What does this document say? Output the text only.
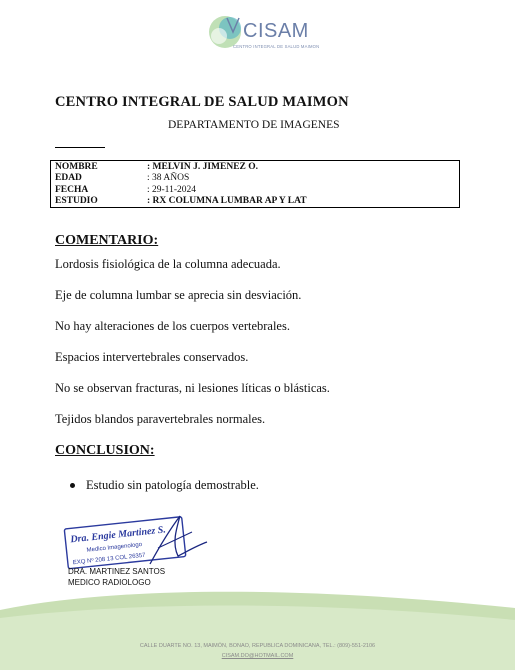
CISAM
CENTRO INTEGRAL DE SALUD MAIMON
CENTRO INTEGRAL DE SALUD MAIMON
DEPARTAMENTO DE IMAGENES
NOMBRE	: MELVIN J. JIMENEZ O.
EDAD	: 38 AÑOS
FECHA	: 29-11-2024
ESTUDIO	: RX COLUMNA LUMBAR AP Y LAT
COMENTARIO:
Lordosis fisiológica de la columna adecuada.
Eje de columna lumbar se aprecia sin desviación.
No hay alteraciones de los cuerpos vertebrales.
Espacios intervertebrales conservados.
No se observan fracturas, ni lesiones líticas o blásticas.
Tejidos blandos paravertebrales normales.
CONCLUSION:
Estudio sin patología demostrable.
Dra. Engie Martinez S.
Medico Imagenologo
EXQ Nº 208 13 COL 26357
DRA. MARTINEZ SANTOS
MEDICO RADIOLOGO
CALLE DUARTE NO. 13, MAIMÓN, BONAO, REPUBLICA DOMINICANA, TEL.: (809)-551-2106
CISAM.DO@HOTMAIL.COM
